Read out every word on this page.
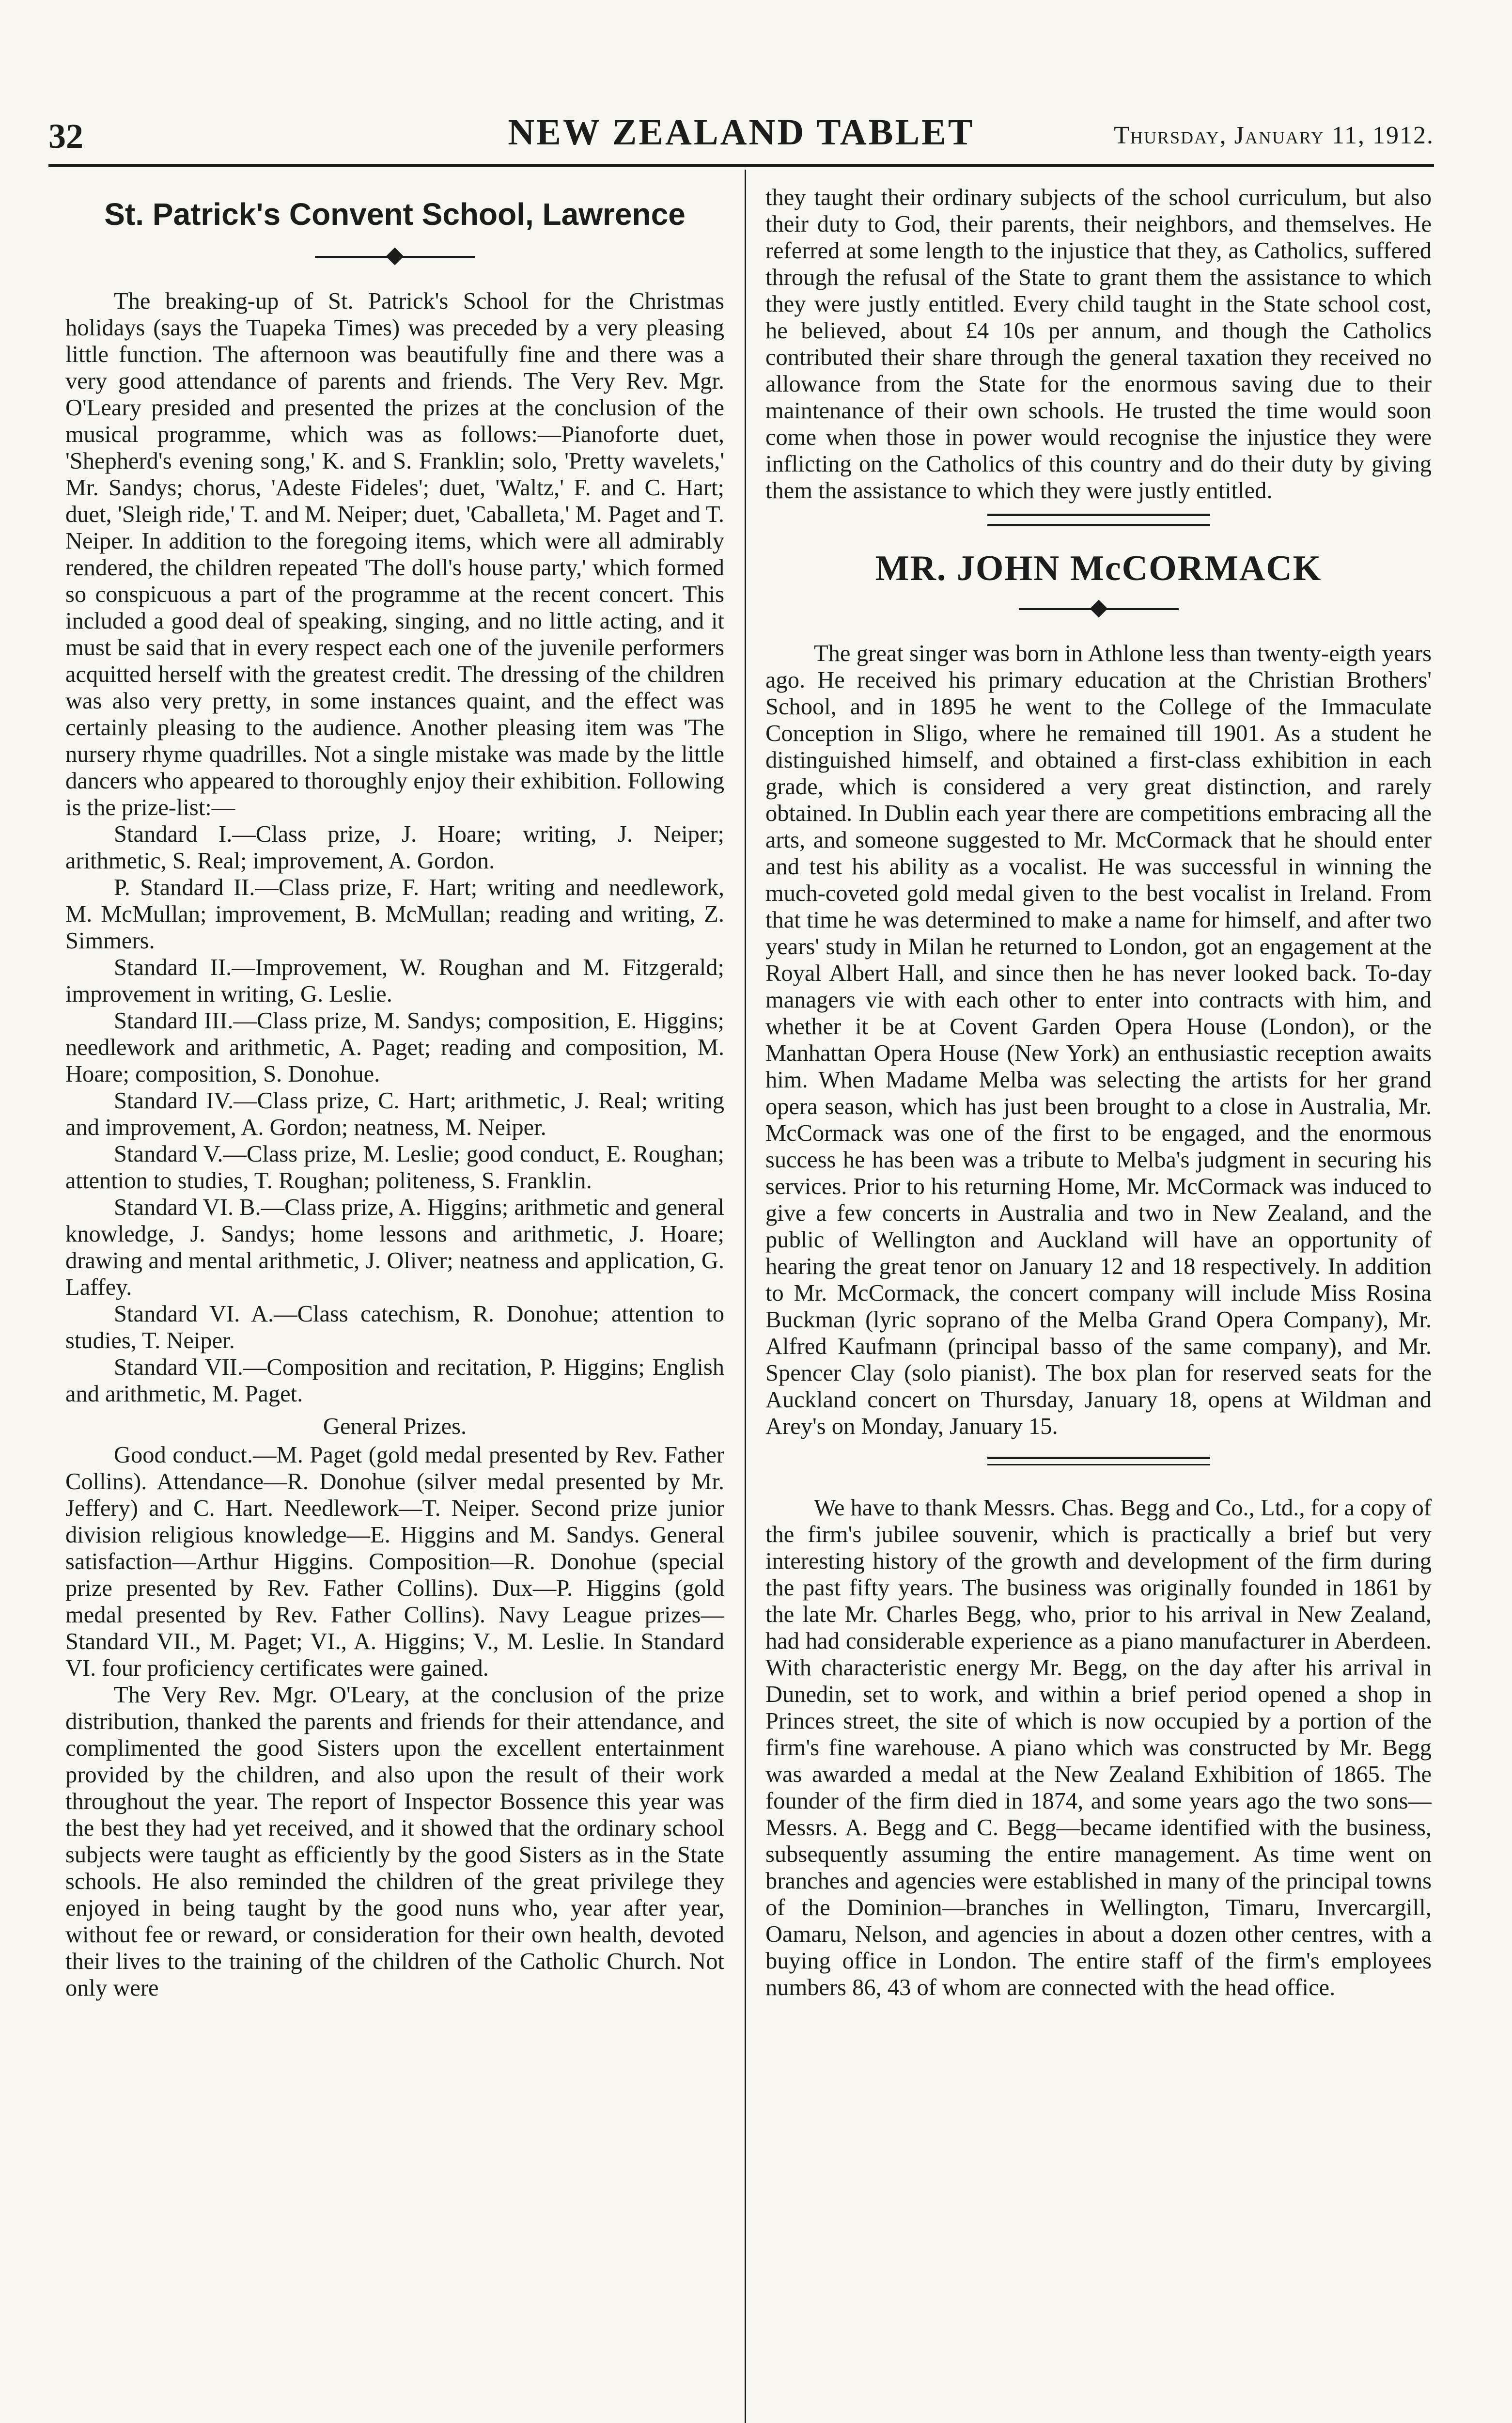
32	NEW ZEALAND TABLET	Thursday, January 11, 1912.
St. Patrick's Convent School, Lawrence

The breaking-up of St. Patrick's School for the Christmas holidays (says the Tuapeka Times) was preceded by a very pleasing little function. The afternoon was beautifully fine and there was a very good attendance of parents and friends. The Very Rev. Mgr. O'Leary presided and presented the prizes at the conclusion of the musical programme, which was as follows:—Pianoforte duet, 'Shepherd's evening song,' K. and S. Franklin; solo, 'Pretty wavelets,' Mr. Sandys; chorus, 'Adeste Fideles'; duet, 'Waltz,' F. and C. Hart; duet, 'Sleigh ride,' T. and M. Neiper; duet, 'Caballeta,' M. Paget and T. Neiper. In addition to the foregoing items, which were all admirably rendered, the children repeated 'The doll's house party,' which formed so conspicuous a part of the programme at the recent concert. This included a good deal of speaking, singing, and no little acting, and it must be said that in every respect each one of the juvenile performers acquitted herself with the greatest credit. The dressing of the children was also very pretty, in some instances quaint, and the effect was certainly pleasing to the audience. Another pleasing item was 'The nursery rhyme quadrilles. Not a single mistake was made by the little dancers who appeared to thoroughly enjoy their exhibition. Following is the prize-list:—

Standard I.—Class prize, J. Hoare; writing, J. Neiper; arithmetic, S. Real; improvement, A. Gordon.

P. Standard II.—Class prize, F. Hart; writing and needlework, M. McMullan; improvement, B. McMullan; reading and writing, Z. Simmers.

Standard II.—Improvement, W. Roughan and M. Fitzgerald; improvement in writing, G. Leslie.

Standard III.—Class prize, M. Sandys; composition, E. Higgins; needlework and arithmetic, A. Paget; reading and composition, M. Hoare; composition, S. Donohue.

Standard IV.—Class prize, C. Hart; arithmetic, J. Real; writing and improvement, A. Gordon; neatness, M. Neiper.

Standard V.—Class prize, M. Leslie; good conduct, E. Roughan; attention to studies, T. Roughan; politeness, S. Franklin.

Standard VI. B.—Class prize, A. Higgins; arithmetic and general knowledge, J. Sandys; home lessons and arithmetic, J. Hoare; drawing and mental arithmetic, J. Oliver; neatness and application, G. Laffey.

Standard VI. A.—Class catechism, R. Donohue; attention to studies, T. Neiper.

Standard VII.—Composition and recitation, P. Higgins; English and arithmetic, M. Paget.

General Prizes.

Good conduct.—M. Paget (gold medal presented by Rev. Father Collins). Attendance—R. Donohue (silver medal presented by Mr. Jeffery) and C. Hart. Needlework—T. Neiper. Second prize junior division religious knowledge—E. Higgins and M. Sandys. General satisfaction—Arthur Higgins. Composition—R. Donohue (special prize presented by Rev. Father Collins). Dux—P. Higgins (gold medal presented by Rev. Father Collins). Navy League prizes—Standard VII., M. Paget; VI., A. Higgins; V., M. Leslie. In Standard VI. four proficiency certificates were gained.

The Very Rev. Mgr. O'Leary, at the conclusion of the prize distribution, thanked the parents and friends for their attendance, and complimented the good Sisters upon the excellent entertainment provided by the children, and also upon the result of their work throughout the year. The report of Inspector Bossence this year was the best they had yet received, and it showed that the ordinary school subjects were taught as efficiently by the good Sisters as in the State schools. He also reminded the children of the great privilege they enjoyed in being taught by the good nuns who, year after year, without fee or reward, or consideration for their own health, devoted their lives to the training of the children of the Catholic Church. Not only were

they taught their ordinary subjects of the school curriculum, but also their duty to God, their parents, their neighbors, and themselves. He referred at some length to the injustice that they, as Catholics, suffered through the refusal of the State to grant them the assistance to which they were justly entitled. Every child taught in the State school cost, he believed, about £4 10s per annum, and though the Catholics contributed their share through the general taxation they received no allowance from the State for the enormous saving due to their maintenance of their own schools. He trusted the time would soon come when those in power would recognise the injustice they were inflicting on the Catholics of this country and do their duty by giving them the assistance to which they were justly entitled.

MR. JOHN McCORMACK

The great singer was born in Athlone less than twenty-eigth years ago. He received his primary education at the Christian Brothers' School, and in 1895 he went to the College of the Immaculate Conception in Sligo, where he remained till 1901. As a student he distinguished himself, and obtained a first-class exhibition in each grade, which is considered a very great distinction, and rarely obtained. In Dublin each year there are competitions embracing all the arts, and someone suggested to Mr. McCormack that he should enter and test his ability as a vocalist. He was successful in winning the much-coveted gold medal given to the best vocalist in Ireland. From that time he was determined to make a name for himself, and after two years' study in Milan he returned to London, got an engagement at the Royal Albert Hall, and since then he has never looked back. To-day managers vie with each other to enter into contracts with him, and whether it be at Covent Garden Opera House (London), or the Manhattan Opera House (New York) an enthusiastic reception awaits him. When Madame Melba was selecting the artists for her grand opera season, which has just been brought to a close in Australia, Mr. McCormack was one of the first to be engaged, and the enormous success he has been was a tribute to Melba's judgment in securing his services. Prior to his returning Home, Mr. McCormack was induced to give a few concerts in Australia and two in New Zealand, and the public of Wellington and Auckland will have an opportunity of hearing the great tenor on January 12 and 18 respectively. In addition to Mr. McCormack, the concert company will include Miss Rosina Buckman (lyric soprano of the Melba Grand Opera Company), Mr. Alfred Kaufmann (principal basso of the same company), and Mr. Spencer Clay (solo pianist). The box plan for reserved seats for the Auckland concert on Thursday, January 18, opens at Wildman and Arey's on Monday, January 15.

We have to thank Messrs. Chas. Begg and Co., Ltd., for a copy of the firm's jubilee souvenir, which is practically a brief but very interesting history of the growth and development of the firm during the past fifty years. The business was originally founded in 1861 by the late Mr. Charles Begg, who, prior to his arrival in New Zealand, had had considerable experience as a piano manufacturer in Aberdeen. With characteristic energy Mr. Begg, on the day after his arrival in Dunedin, set to work, and within a brief period opened a shop in Princes street, the site of which is now occupied by a portion of the firm's fine warehouse. A piano which was constructed by Mr. Begg was awarded a medal at the New Zealand Exhibition of 1865. The founder of the firm died in 1874, and some years ago the two sons—Messrs. A. Begg and C. Begg—became identified with the business, subsequently assuming the entire management. As time went on branches and agencies were established in many of the principal towns of the Dominion—branches in Wellington, Timaru, Invercargill, Oamaru, Nelson, and agencies in about a dozen other centres, with a buying office in London. The entire staff of the firm's employees numbers 86, 43 of whom are connected with the head office.
